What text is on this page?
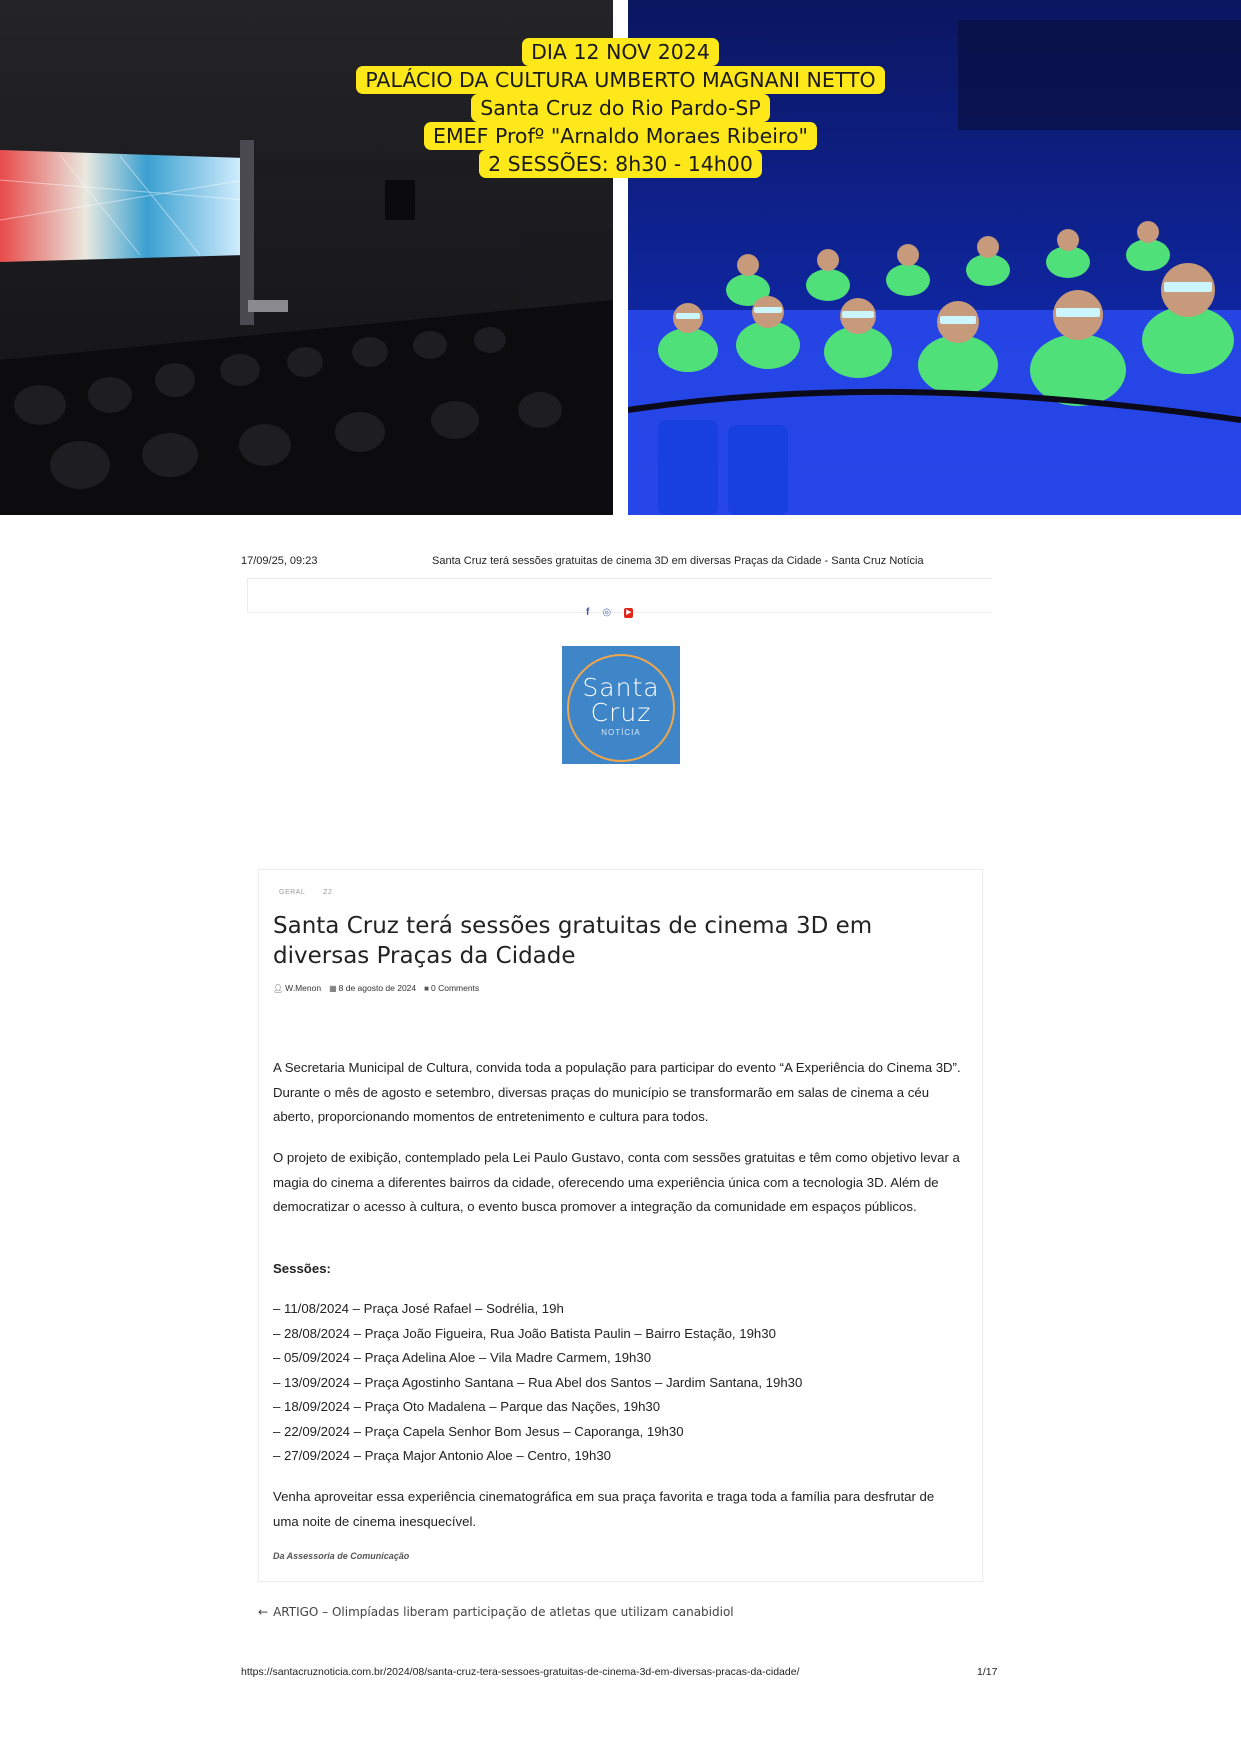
DIA 12 NOV 2024
PALÁCIO DA CULTURA UMBERTO MAGNANI NETTO
Santa Cruz do Rio Pardo-SP
EMEF Profº "Arnaldo Moraes Ribeiro"
2 SESSÕES: 8h30 - 14h00
17/09/25, 09:23	Santa Cruz terá sessões gratuitas de cinema 3D em diversas Praças da Cidade - Santa Cruz Notícia
f ◎ ▶
Santa
Cruz
NOTÍCIA
GERAL	Z2
Santa Cruz terá sessões gratuitas de cinema 3D em diversas Praças da Cidade
👤︎ W.Menon ▦ 8 de agosto de 2024 ■ 0 Comments
A Secretaria Municipal de Cultura, convida toda a população para participar do evento “A Experiência do Cinema 3D”. Durante o mês de agosto e setembro, diversas praças do município se transformarão em salas de cinema a céu aberto, proporcionando momentos de entretenimento e cultura para todos.
O projeto de exibição, contemplado pela Lei Paulo Gustavo, conta com sessões gratuitas e têm como objetivo levar a magia do cinema a diferentes bairros da cidade, oferecendo uma experiência única com a tecnologia 3D. Além de democratizar o acesso à cultura, o evento busca promover a integração da comunidade em espaços públicos.
Sessões:
– 11/08/2024 – Praça José Rafael – Sodrélia, 19h
– 28/08/2024 – Praça João Figueira, Rua João Batista Paulin – Bairro Estação, 19h30
– 05/09/2024 – Praça Adelina Aloe – Vila Madre Carmem, 19h30
– 13/09/2024 – Praça Agostinho Santana – Rua Abel dos Santos – Jardim Santana, 19h30
– 18/09/2024 – Praça Oto Madalena – Parque das Nações, 19h30
– 22/09/2024 – Praça Capela Senhor Bom Jesus – Caporanga, 19h30
– 27/09/2024 – Praça Major Antonio Aloe – Centro, 19h30
Venha aproveitar essa experiência cinematográfica em sua praça favorita e traga toda a família para desfrutar de uma noite de cinema inesquecível.
Da Assessoria de Comunicação
← ARTIGO – Olimpíadas liberam participação de atletas que utilizam canabidiol
https://santacruznoticia.com.br/2024/08/santa-cruz-tera-sessoes-gratuitas-de-cinema-3d-em-diversas-pracas-da-cidade/	1/17
